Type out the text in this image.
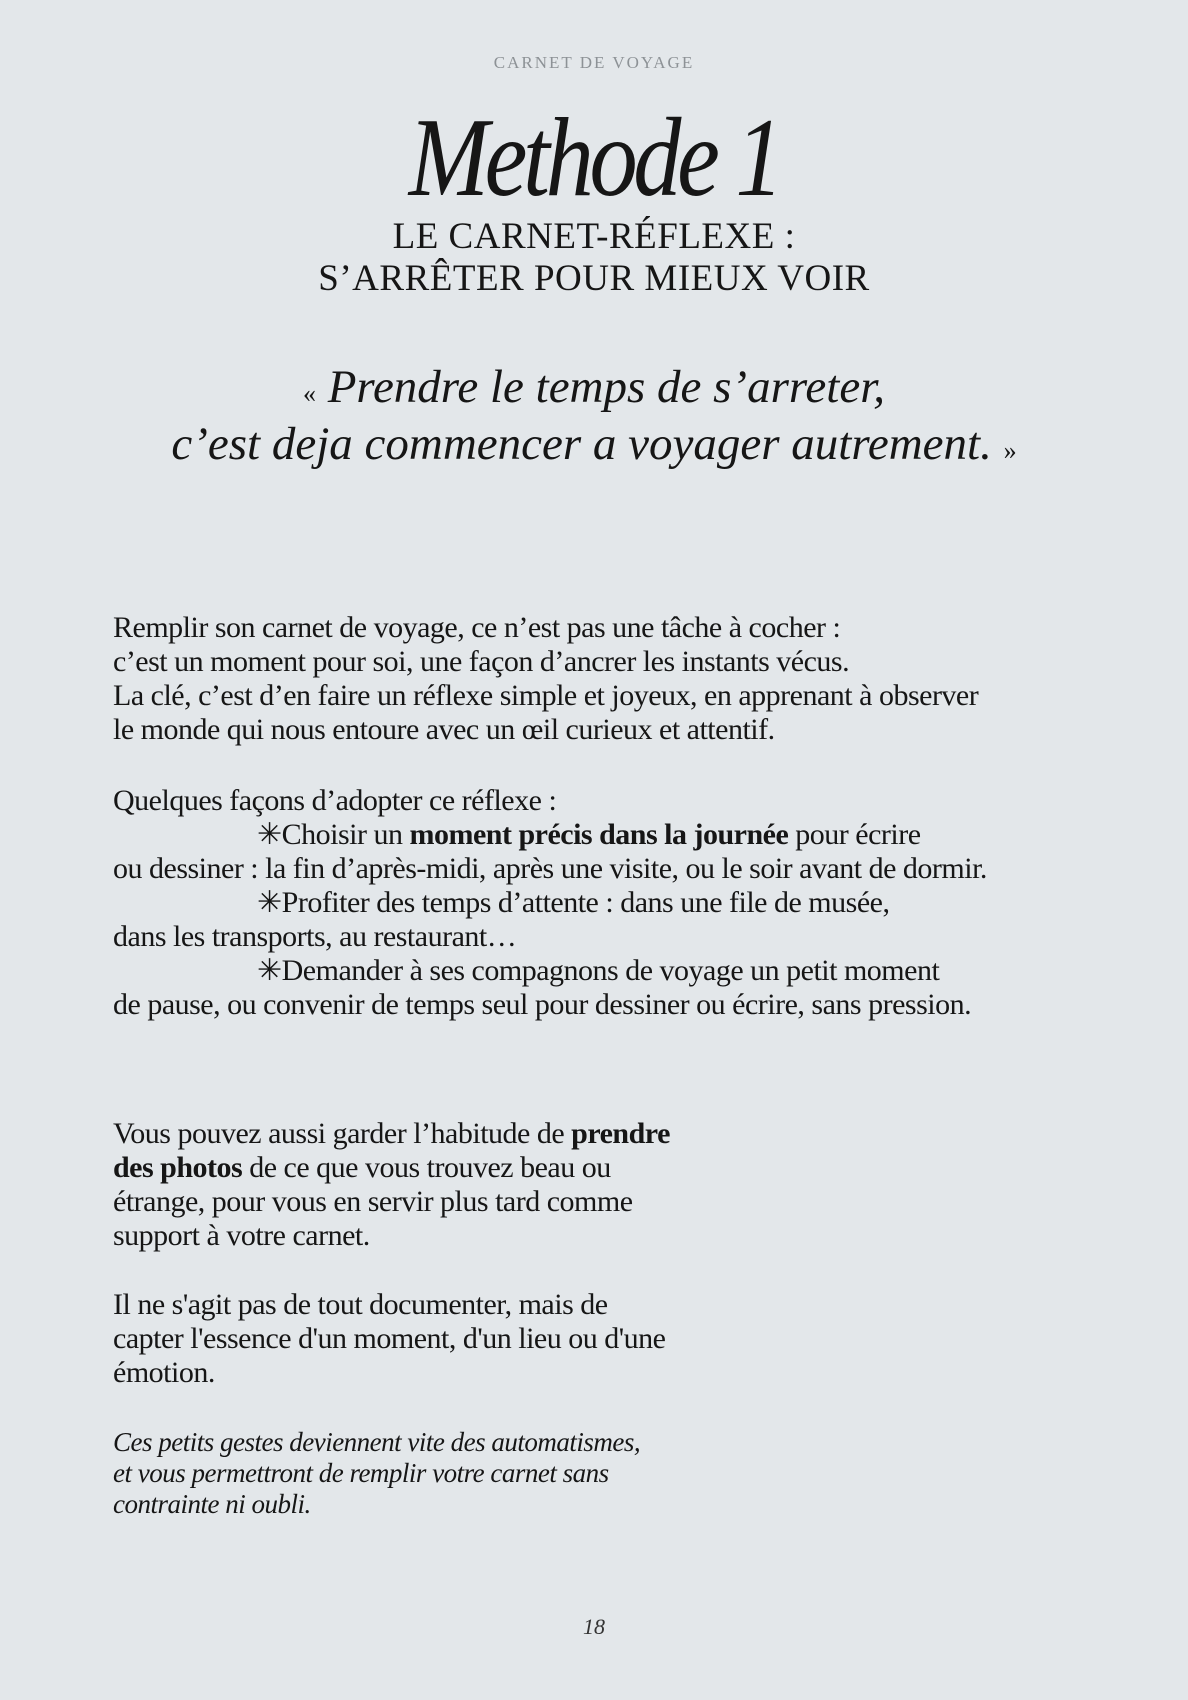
CARNET DE VOYAGE
Methode 1
LE CARNET-RÉFLEXE :
S’ARRÊTER POUR MIEUX VOIR
« Prendre le temps de s’arreter,
c’est deja commencer a voyager autrement. »
Remplir son carnet de voyage, ce n’est pas une tâche à cocher :
c’est un moment pour soi, une façon d’ancrer les instants vécus.
La clé, c’est d’en faire un réflexe simple et joyeux, en apprenant à observer
le monde qui nous entoure avec un œil curieux et attentif.
Quelques façons d’adopter ce réflexe :
✳Choisir un moment précis dans la journée pour écrire
ou dessiner : la fin d’après-midi, après une visite, ou le soir avant de dormir.
✳Profiter des temps d’attente : dans une file de musée,
dans les transports, au restaurant…
✳Demander à ses compagnons de voyage un petit moment
de pause, ou convenir de temps seul pour dessiner ou écrire, sans pression.
Vous pouvez aussi garder l’habitude de prendre
des photos de ce que vous trouvez beau ou
étrange, pour vous en servir plus tard comme
support à votre carnet.
Il ne s'agit pas de tout documenter, mais de
capter l'essence d'un moment, d'un lieu ou d'une
émotion.
Ces petits gestes deviennent vite des automatismes,
et vous permettront de remplir votre carnet sans
contrainte ni oubli.
18
